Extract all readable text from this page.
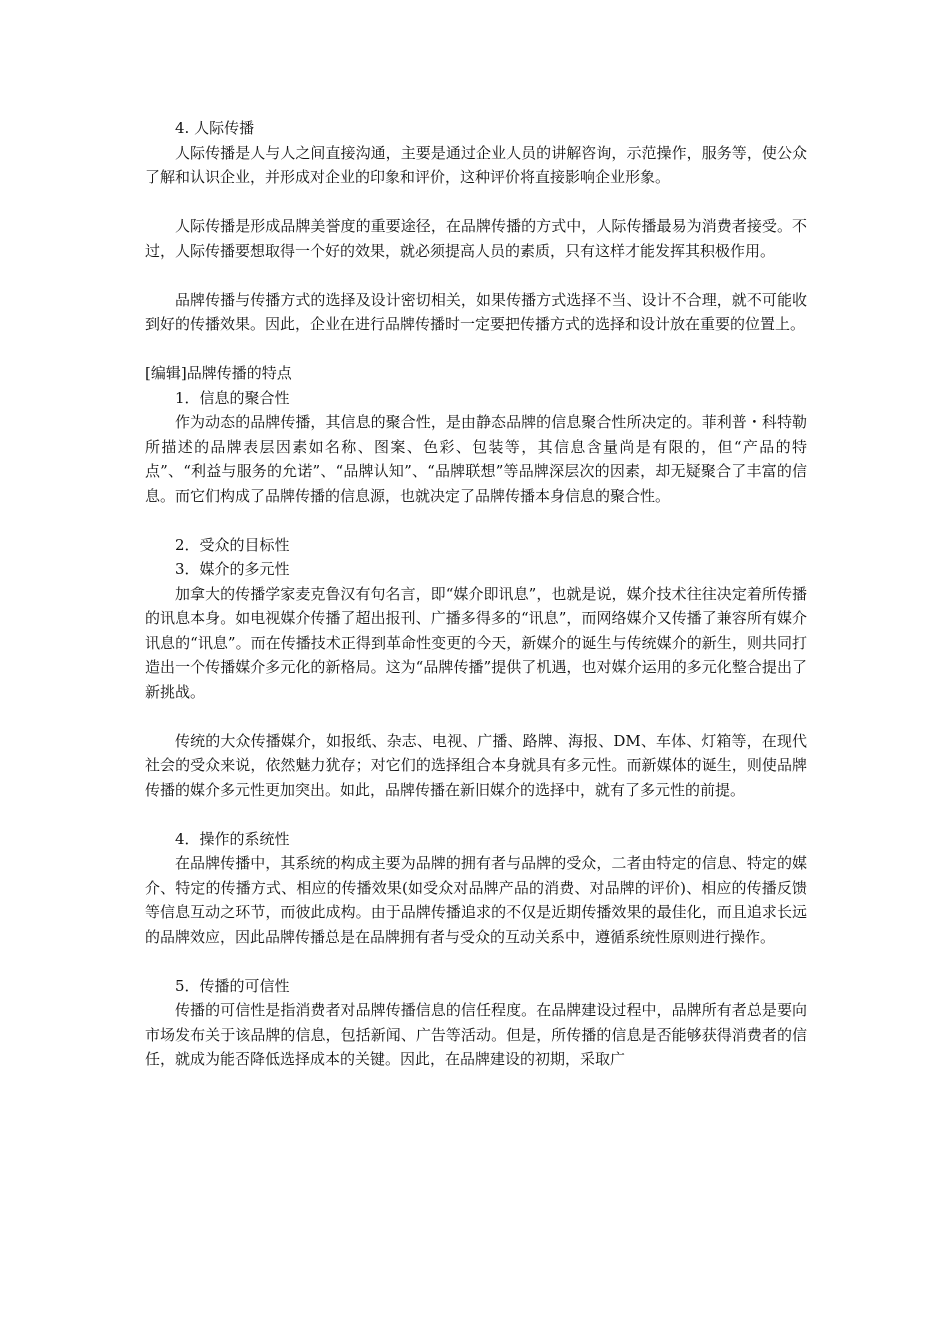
4. 人际传播
人际传播是人与人之间直接沟通，主要是通过企业人员的讲解咨询，示范操作，服务等，使公众了解和认识企业，并形成对企业的印象和评价，这种评价将直接影响企业形象。
人际传播是形成品牌美誉度的重要途径，在品牌传播的方式中，人际传播最易为消费者接受。不过，人际传播要想取得一个好的效果，就必须提高人员的素质，只有这样才能发挥其积极作用。
品牌传播与传播方式的选择及设计密切相关，如果传播方式选择不当、设计不合理，就不可能收到好的传播效果。因此，企业在进行品牌传播时一定要把传播方式的选择和设计放在重要的位置上。
[编辑]品牌传播的特点
1．信息的聚合性
作为动态的品牌传播，其信息的聚合性，是由静态品牌的信息聚合性所决定的。菲利普・科特勒所描述的品牌表层因素如名称、图案、色彩、包装等，其信息含量尚是有限的，但“产品的特点”、“利益与服务的允诺”、“品牌认知”、“品牌联想”等品牌深层次的因素，却无疑聚合了丰富的信息。而它们构成了品牌传播的信息源，也就决定了品牌传播本身信息的聚合性。
2．受众的目标性
3．媒介的多元性
加拿大的传播学家麦克鲁汉有句名言，即“媒介即讯息”，也就是说，媒介技术往往决定着所传播的讯息本身。如电视媒介传播了超出报刊、广播多得多的“讯息”，而网络媒介又传播了兼容所有媒介讯息的“讯息”。而在传播技术正得到革命性变更的今天，新媒介的诞生与传统媒介的新生，则共同打造出一个传播媒介多元化的新格局。这为“品牌传播”提供了机遇，也对媒介运用的多元化整合提出了新挑战。
传统的大众传播媒介，如报纸、杂志、电视、广播、路牌、海报、DM、车体、灯箱等，在现代社会的受众来说，依然魅力犹存；对它们的选择组合本身就具有多元性。而新媒体的诞生，则使品牌传播的媒介多元性更加突出。如此，品牌传播在新旧媒介的选择中，就有了多元性的前提。
4．操作的系统性
在品牌传播中，其系统的构成主要为品牌的拥有者与品牌的受众，二者由特定的信息、特定的媒介、特定的传播方式、相应的传播效果(如受众对品牌产品的消费、对品牌的评价)、相应的传播反馈等信息互动之环节，而彼此成构。由于品牌传播追求的不仅是近期传播效果的最佳化，而且追求长远的品牌效应，因此品牌传播总是在品牌拥有者与受众的互动关系中，遵循系统性原则进行操作。
5．传播的可信性
传播的可信性是指消费者对品牌传播信息的信任程度。在品牌建设过程中，品牌所有者总是要向市场发布关于该品牌的信息，包括新闻、广告等活动。但是，所传播的信息是否能够获得消费者的信任，就成为能否降低选择成本的关键。因此，在品牌建设的初期，采取广
